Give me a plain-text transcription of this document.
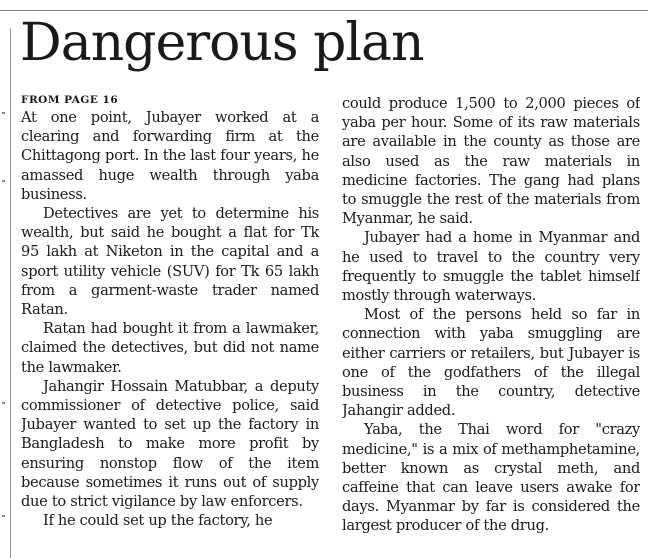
Dangerous plan
FROM PAGE 16

At one point, Jubayer worked at a clearing and forwarding firm at the Chittagong port. In the last four years, he amassed huge wealth through yaba business.

Detectives are yet to determine his wealth, but said he bought a flat for Tk 95 lakh at Niketon in the capital and a sport utility vehicle (SUV) for Tk 65 lakh from a garment-waste trader named Ratan.

Ratan had bought it from a lawmaker, claimed the detectives, but did not name the lawmaker.

Jahangir Hossain Matubbar, a deputy commissioner of detective police, said Jubayer wanted to set up the factory in Bangladesh to make more profit by ensuring nonstop flow of the item because sometimes it runs out of supply due to strict vigilance by law enforcers.

If he could set up the factory, he

could produce 1,500 to 2,000 pieces of yaba per hour. Some of its raw materials are available in the county as those are also used as the raw materials in medicine factories. The gang had plans to smuggle the rest of the materials from Myanmar, he said.

Jubayer had a home in Myanmar and he used to travel to the country very frequently to smuggle the tablet himself mostly through waterways.

Most of the persons held so far in connection with yaba smuggling are either carriers or retailers, but Jubayer is one of the godfathers of the illegal business in the country, detective Jahangir added.

Yaba, the Thai word for "crazy medicine," is a mix of methamphetamine, better known as crystal meth, and caffeine that can leave users awake for days. Myanmar by far is considered the largest producer of the drug.
